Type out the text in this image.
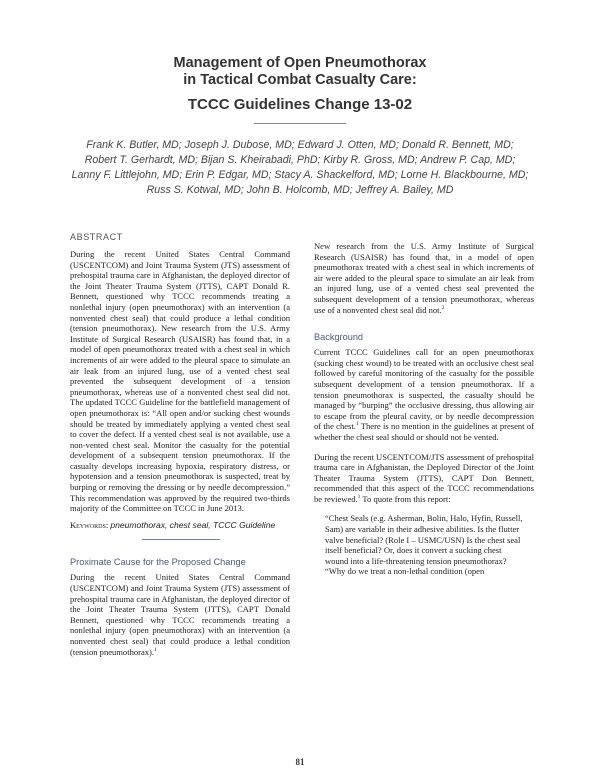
Management of Open Pneumothorax
in Tactical Combat Casualty Care:
TCCC Guidelines Change 13-02
Frank K. Butler, MD; Joseph J. Dubose, MD; Edward J. Otten, MD; Donald R. Bennett, MD;
Robert T. Gerhardt, MD; Bijan S. Kheirabadi, PhD; Kirby R. Gross, MD; Andrew P. Cap, MD;
Lanny F. Littlejohn, MD; Erin P. Edgar, MD; Stacy A. Shackelford, MD; Lorne H. Blackbourne, MD;
Russ S. Kotwal, MD; John B. Holcomb, MD; Jeffrey A. Bailey, MD
ABSTRACT

During the recent United States Central Command (USCENTCOM) and Joint Trauma System (JTS) assessment of prehospital trauma care in Afghanistan, the deployed director of the Joint Theater Trauma System (JTTS), CAPT Donald R. Bennett, questioned why TCCC recommends treating a nonlethal injury (open pneumothorax) with an intervention (a nonvented chest seal) that could produce a lethal condition (tension pneumothorax). New research from the U.S. Army Institute of Surgical Research (USAISR) has found that, in a model of open pneumothorax treated with a chest seal in which increments of air were added to the pleural space to simulate an air leak from an injured lung, use of a vented chest seal prevented the subsequent development of a tension pneumothorax, whereas use of a nonvented chest seal did not. The updated TCCC Guideline for the battlefield management of open pneumothorax is: “All open and/or sucking chest wounds should be treated by immediately applying a vented chest seal to cover the defect. If a vented chest seal is not available, use a non-vented chest seal. Monitor the casualty for the potential development of a subsequent tension pneumothorax. If the casualty develops increasing hypoxia, respiratory distress, or hypotension and a tension pneumothorax is suspected, treat by burping or removing the dressing or by needle decompression.” This recommendation was approved by the required two-thirds majority of the Committee on TCCC in June 2013.

Keywords: pneumothorax, chest seal, TCCC Guideline

Proximate Cause for the Proposed Change

During the recent United States Central Command (USCENTCOM) and Joint Trauma System (JTS) assessment of prehospital trauma care in Afghanistan, the deployed director of the Joint Theater Trauma System (JTTS), CAPT Donald Bennett, questioned why TCCC recommends treating a nonlethal injury (open pneumothorax) with an intervention (a nonvented chest seal) that could produce a lethal condition (tension pneumothorax).$^1$

New research from the U.S. Army Institute of Surgical Research (USAISR) has found that, in a model of open pneumothorax treated with a chest seal in which increments of air were added to the pleural space to simulate an air leak from an injured lung, use of a vented chest seal prevented the subsequent development of a tension pneumothorax, whereas use of a nonvented chest seal did not.$^2$

Background

Current TCCC Guidelines call for an open pneumothorax (sucking chest wound) to be treated with an occlusive chest seal followed by careful monitoring of the casualty for the possible subsequent development of a tension pneumothorax. If a tension pneumothorax is suspected, the casualty should be managed by “burping” the occlusive dressing, thus allowing air to escape from the pleural cavity, or by needle decompression of the chest.$^1$ There is no mention in the guidelines at present of whether the chest seal should or should not be vented.

During the recent USCENTCOM/JTS assessment of prehospital trauma care in Afghanistan, the Deployed Director of the Joint Theater Trauma System (JTTS), CAPT Don Bennett, recommended that this aspect of the TCCC recommendations be reviewed.$^1$ To quote from this report:

“Chest Seals (e.g. Asherman, Bolin, Halo, Hyfin, Russell, Sam) are variable in their adhesive abilities. Is the flutter valve beneficial? (Role I – USMC/USN) Is the chest seal itself beneficial? Or, does it convert a sucking chest wound into a life-threatening tension pneumothorax? “Why do we treat a non-lethal condition (open

81
